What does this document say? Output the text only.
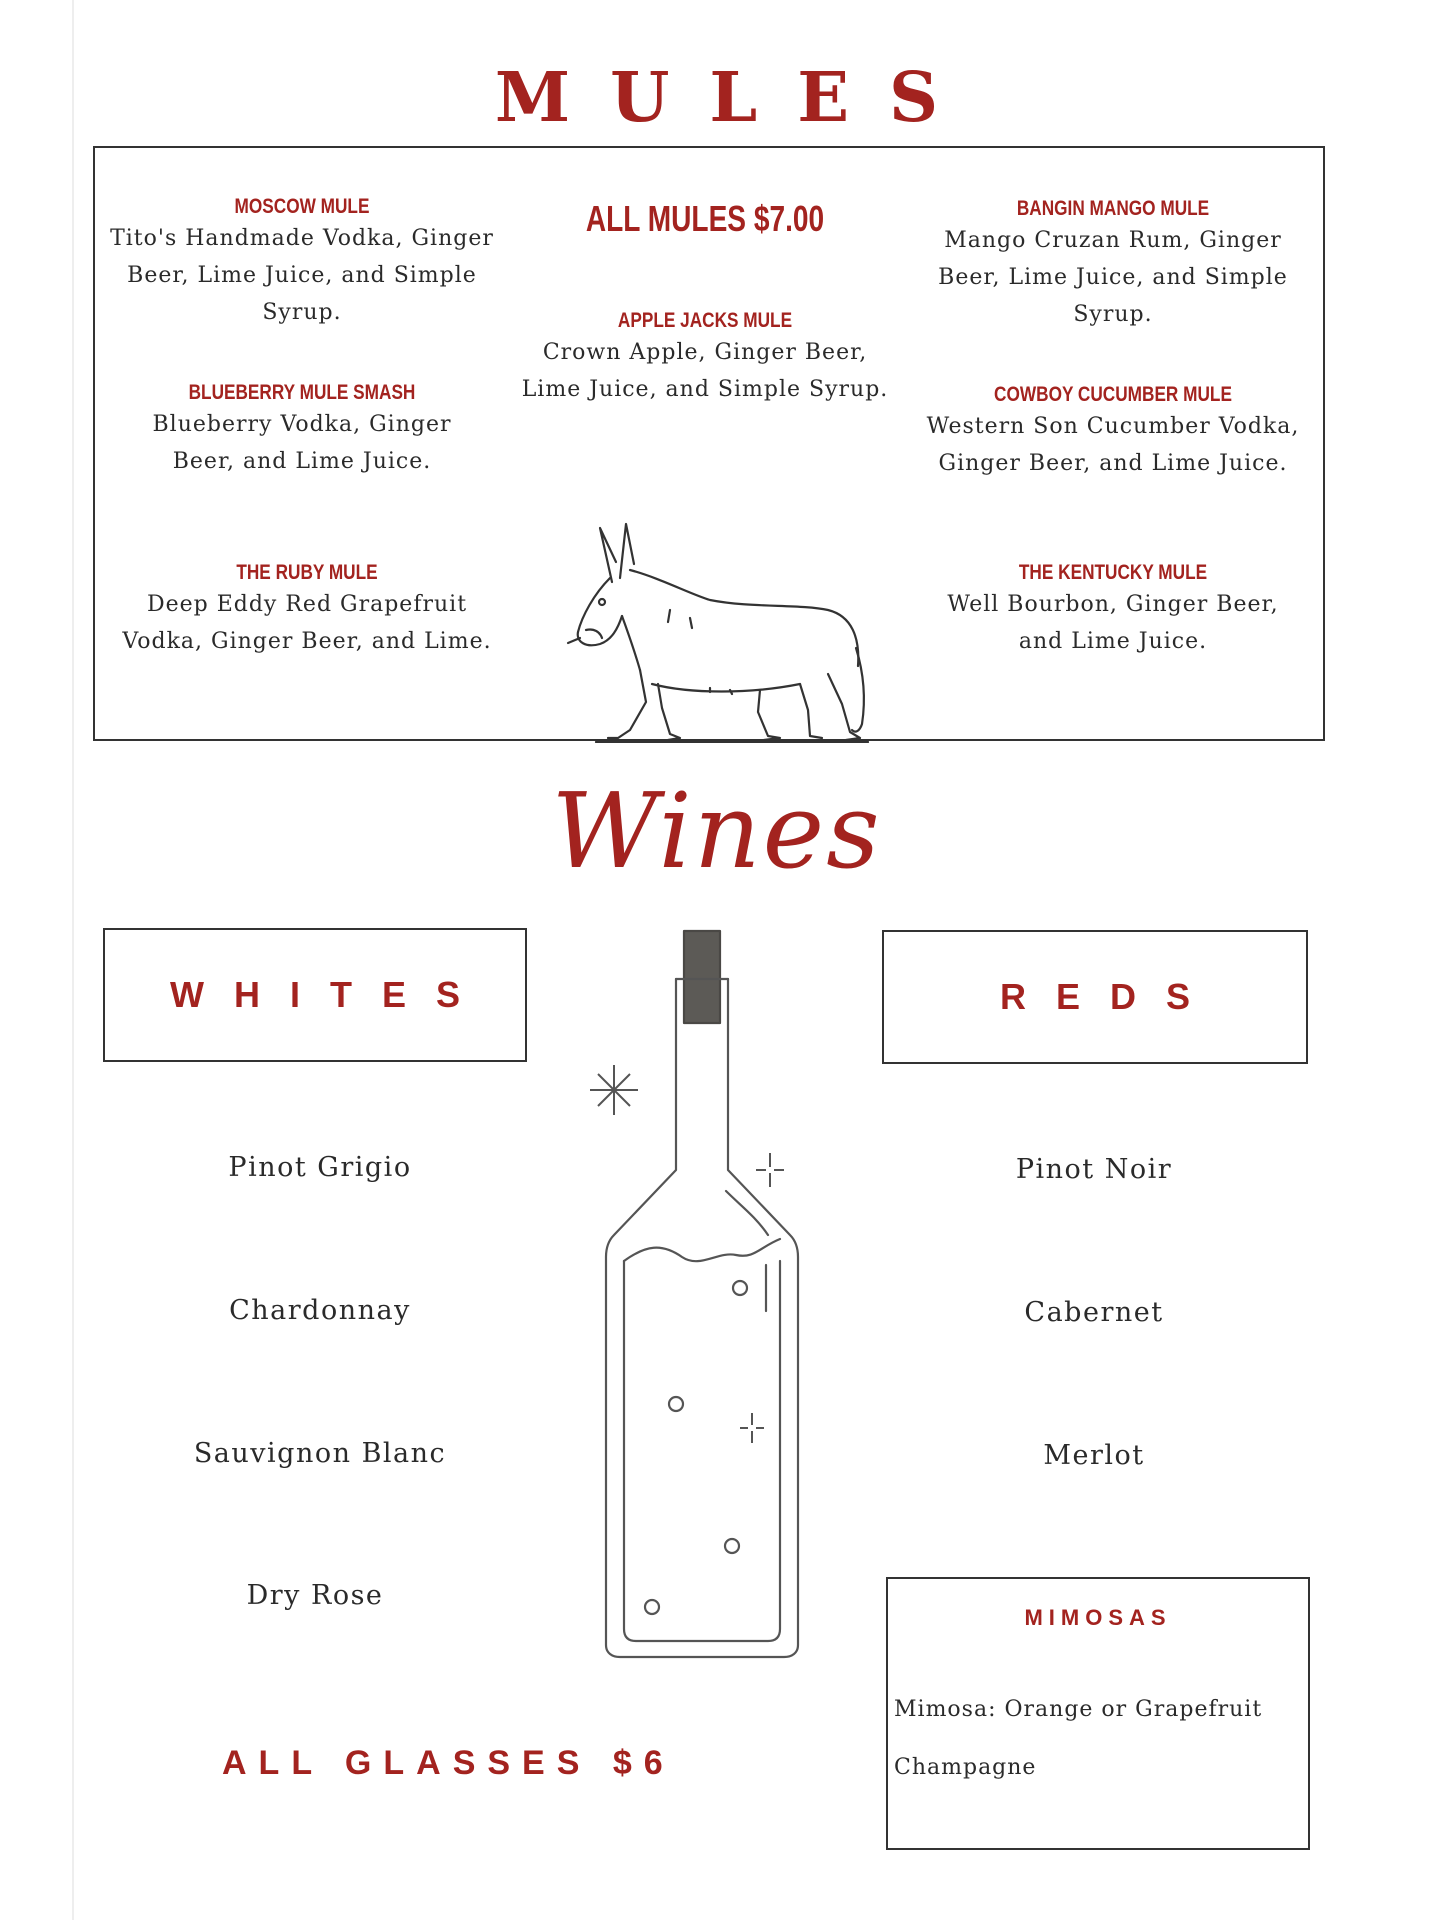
MULES
MOSCOW MULE
Tito's Handmade Vodka, Ginger Beer, Lime Juice, and Simple Syrup.
BLUEBERRY MULE SMASH
Blueberry Vodka, Ginger Beer, and Lime Juice.
THE RUBY MULE
Deep Eddy Red Grapefruit Vodka, Ginger Beer, and Lime.
ALL MULES $7.00
APPLE JACKS MULE
Crown Apple, Ginger Beer, Lime Juice, and Simple Syrup.
BANGIN MANGO MULE
Mango Cruzan Rum, Ginger Beer, Lime Juice, and Simple Syrup.
COWBOY CUCUMBER MULE
Western Son Cucumber Vodka, Ginger Beer, and Lime Juice.
THE KENTUCKY MULE
Well Bourbon, Ginger Beer, and Lime Juice.
Wines
WHITES	REDS
Pinot Grigio
Chardonnay
Sauvignon Blanc
Dry Rose
Pinot Noir
Cabernet
Merlot
ALL GLASSES $6
MIMOSAS
Mimosa: Orange or Grapefruit
Champagne
